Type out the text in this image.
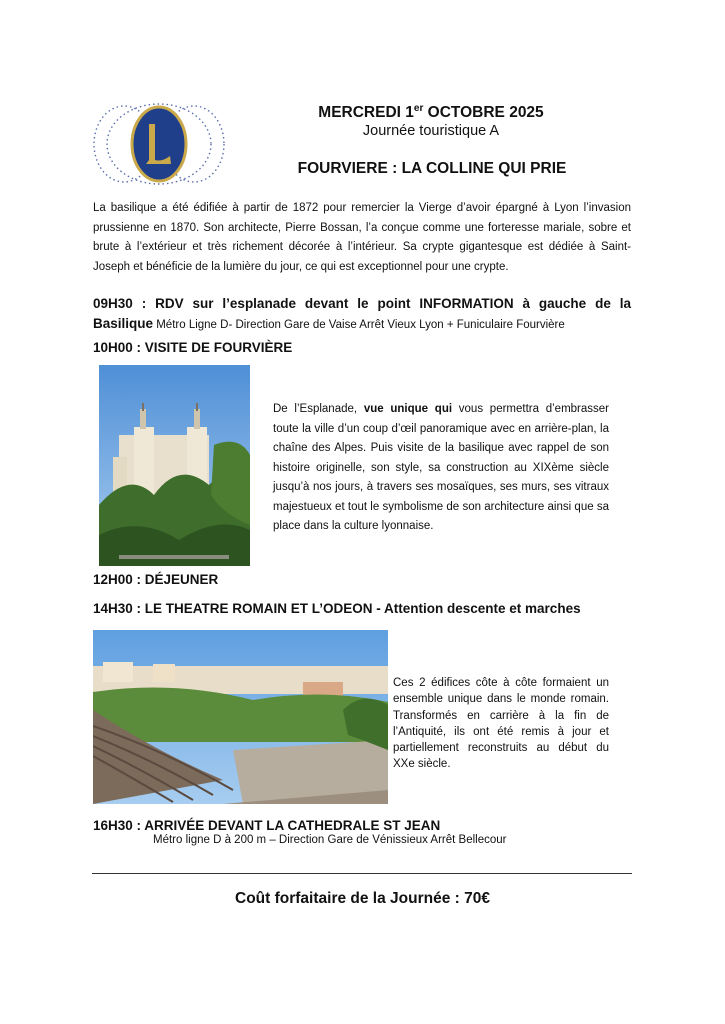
MERCREDI 1er OCTOBRE 2025
Journée touristique A
FOURVIERE : LA COLLINE QUI PRIE
La basilique a été édifiée à partir de 1872 pour remercier la Vierge d’avoir épargné à Lyon l’invasion prussienne en 1870. Son architecte, Pierre Bossan, l’a conçue comme une forteresse mariale, sobre et brute à l’extérieur et très richement décorée à l’intérieur. Sa crypte gigantesque est dédiée à Saint-Joseph et bénéficie de la lumière du jour, ce qui est exceptionnel pour une crypte.
09H30 : RDV sur l’esplanade devant le point INFORMATION à gauche de la Basilique Métro Ligne D- Direction Gare de Vaise Arrêt Vieux Lyon + Funiculaire Fourvière
10H00 : VISITE DE FOURVIÈRE
De l’Esplanade, vue unique qui vous permettra d’embrasser toute la ville d’un coup d’œil panoramique avec en arrière-plan, la chaîne des Alpes. Puis visite de la basilique avec rappel de son histoire originelle, son style, sa construction au XIXème siècle jusqu’à nos jours, à travers ses mosaïques, ses murs, ses vitraux majestueux et tout le symbolisme de son architecture ainsi que sa place dans la culture lyonnaise.
12H00 : DÉJEUNER
14H30 : LE THEATRE ROMAIN ET L’ODEON - Attention descente et marches
Ces 2 édifices côte à côte formaient un ensemble unique dans le monde romain. Transformés en carrière à la fin de l’Antiquité, ils ont été remis à jour et partiellement reconstruits au début du XXe siècle.
16H30 : ARRIVÉE DEVANT LA CATHEDRALE ST JEAN
Métro ligne D à 200 m – Direction Gare de Vénissieux Arrêt Bellecour
Coût forfaitaire de la Journée : 70€
